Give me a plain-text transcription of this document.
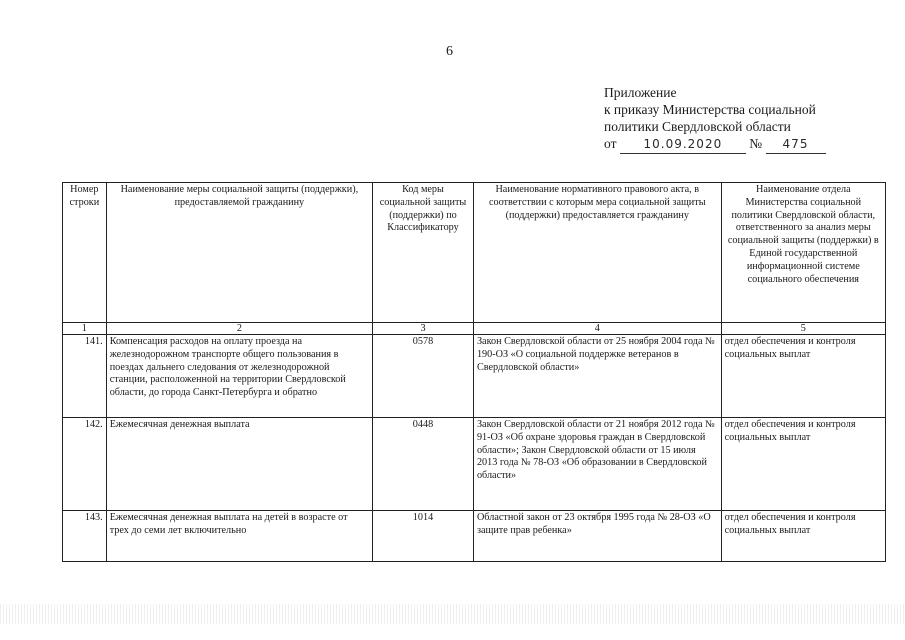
6
Приложение
к приказу Министерства социальной
политики Свердловской области
от 10.09.2020 № 475
Номер строки	Наименование меры социальной защиты (поддержки), предоставляемой гражданину	Код меры социальной защиты (поддержки) по Классификатору	Наименование нормативного правового акта, в соответствии с которым мера социальной защиты (поддержки) предоставляется гражданину	Наименование отдела Министерства социальной политики Свердловской области, ответственного за анализ меры социальной защиты (поддержки) в Единой государственной информационной системе социального обеспечения
1	2	3	4	5
141.	Компенсация расходов на оплату проезда на железнодорожном транспорте общего пользования в поездах дальнего следования от железнодорожной станции, расположенной на территории Свердловской области, до города Санкт-Петербурга и обратно	0578	Закон Свердловской области от 25 ноября 2004 года № 190-ОЗ «О социальной поддержке ветеранов в Свердловской области»	отдел обеспечения и контроля социальных выплат
142.	Ежемесячная денежная выплата	0448	Закон Свердловской области от 21 ноября 2012 года № 91-ОЗ «Об охране здоровья граждан в Свердловской области»; Закон Свердловской области от 15 июля 2013 года № 78-ОЗ «Об образовании в Свердловской области»	отдел обеспечения и контроля социальных выплат
143.	Ежемесячная денежная выплата на детей в возрасте от трех до семи лет включительно	1014	Областной закон от 23 октября 1995 года № 28-ОЗ «О защите прав ребенка»	отдел обеспечения и контроля социальных выплат
